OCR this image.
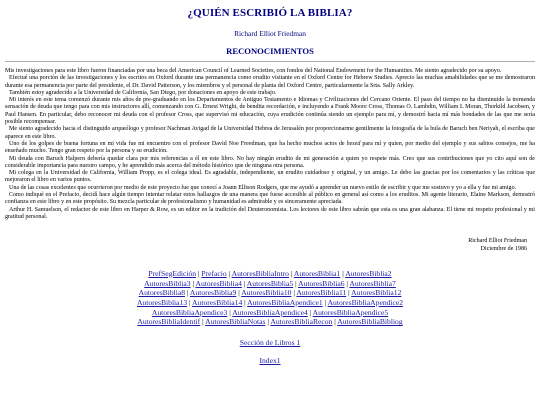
¿QUIÉN ESCRIBIÓ LA BIBLIA?
Richard Elliot Friedman
RECONOCIMIENTOS

Mis investigaciones para este libro fueron financiadas por una beca del American Council of Learned Societies, con fondos del National Endowment for the Humanities. Me siento agradecido por su apoyo.

Efectué una porción de las investigaciones y los escritos en Oxford durante una permanencia como erudito visitante en el Oxford Centre for Hebrew Studies. Aprecio las muchas amabilidades que se me demostraron durante esa permanencia por parte del presidente, el Dr. David Patterson, y los miembros y el personal de planta del Oxford Centre, particularmente la Srta. Sally Arkley.

También estoy agradecido a la Universidad de California, San Diego, por donaciones en apoyo de este trabajo.

Mi interés en este tema comenzó durante mis años de pre-graduando en los Departamentos de Antiguo Testamento e Idiomas y Civilizaciones del Cercano Oriente. El paso del tiempo no ha disminuido la tremenda sensación de deuda que tengo para con mis instructores allí, comenzando con G. Ernest Wright, de bendita recordación, e incluyendo a Frank Moore Cross, Thomas O. Lambdin, William L Moran, Thorkild Jacobsen, y Paul Hansen. En particular, debo reconocer mi deuda con el profesor Cross, que supervisó mi educación, cuya erudición continúa siendo un ejemplo para mí, y demostró hacia mí más bondades de las que me sería posible recompensar.

Me siento agradecido hacia el distinguido arqueólogo y profesor Nachman Avigad de la Universidad Hebrea de Jerusalén por proporcionarme gentilmente la fotografía de la bula de Baruch ben Neriyah, el escriba que aparece en este libro.

Uno de los golpes de buena fortuna en mi vida fue mi encuentro con el profesor David Noe Freedman, que ha hecho muchos actos de hesed para mí y quien, por medio del ejemplo y sus sabios consejos, me ha enseñado mucho. Tengo gran respeto por la persona y su erudición.

Mi deuda con Baruch Halpern debería quedar clara por mis referencias a él en este libro. No hay ningún erudito de mi generación a quien yo respete más. Creo que sus contribuciones que yo cito aquí son de considerable importancia para nuestro campo, y he aprendido más acerca del método histórico que de ninguna otra persona.

Mi colega en la Universidad de California, William Propp, es el colega ideal. Es agradable, independiente, un erudito cuidadoso y original, y un amigo. Le debo las gracias por los comentarios y las críticas que mejoraron el libro en varios puntos.

Una de las cosas excelentes que ocurrieron por medio de este proyecto fue que conocí a Joann Ellison Rodgers, que me ayudó a aprender un nuevo estilo de escribir y que me sostuvo y yo a ella y fue mi amigo.

Como indiqué en el Prefacio, decidí hace algún tiempo intentar relatar estos hallazgos de una manera que fuese accesible al público en general así como a los eruditos. Mi agente literario, Elaine Markson, demostró confianza en este libro y en este propósito. Su mezcla particular de profesionalismo y humanidad es admirable y es sinceramente apreciada.

Arthur H. Samuelson, el redactor de este libro en Harper & Row, es un editor en la tradición del Deuteronomista. Los lectores de este libro sabrán que esta es una gran alabanza. El tiene mi respeto profesional y mi gratitud personal.

Richard Elliot Friedman
Diciembre de 1986
PrefSegEdición | Prefacio | AutoresBibliaIntro | AutoresBiblia1 | AutoresBiblia2
AutoresBiblia3 | AutoresBiblia4 | AutoresBiblia5 | AutoresBiblia6 | AutoresBiblia7
AutoresBiblia8 | AutoresBiblia9 | AutoresBiblia10 | AutoresBiblia11 | AutoresBiblia12
AutoresBiblia13 | AutoresBiblia14 | AutoresBibliaApendice1 | AutoresBibliaApendice2
AutoresBibliaApendice3 | AutoresBibliaApendice4 | AutoresBibliaApendice5
AutoresBibliaIdentif | AutoresBibliaNotas | AutoresBibliaRecon | AutoresBibliaBibliog
Sección de Libros 1
Index1
